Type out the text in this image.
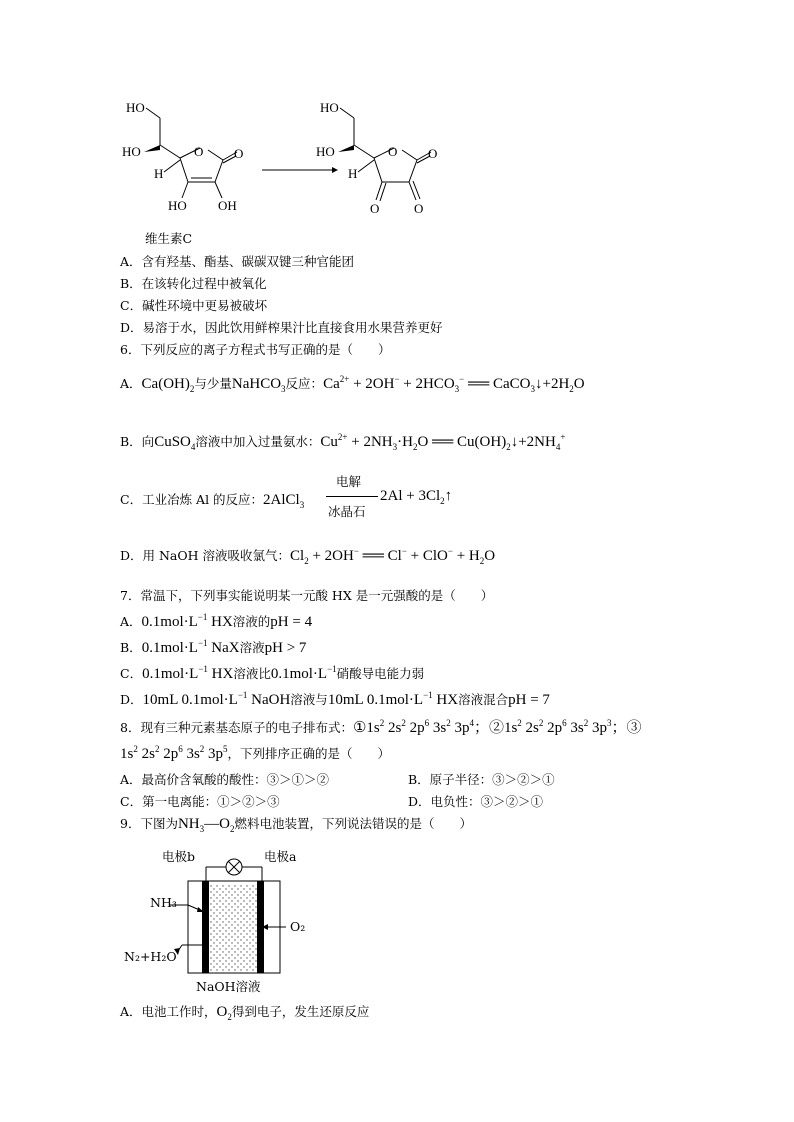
HO
HO	O O
H
HO OH
HO
HO	O O
H
O	O
维生素C
A．含有羟基、酯基、碳碳双键三种官能团
B．在该转化过程中被氧化
C．碱性环境中更易被破坏
D．易溶于水，因此饮用鲜榨果汁比直接食用水果营养更好
6．下列反应的离子方程式书写正确的是（　　）
A．$Ca(OH)_2$与少量NaHCO$_3$反应：$Ca^{2+} + 2OH^- + 2HCO_3^-$ ══ $CaCO_3↓+2H_2O$
B．向CuSO$_4$溶液中加入过量氨水：$Cu^{2+} + 2NH_3\cdot H_2O$ ══ $Cu(OH)_2↓+2NH_4^+$
C．工业冶炼 Al 的反应：2AlCl$_3$
电解
冰晶石
$2Al + 3Cl_2↑$
D．用 NaOH 溶液吸收氯气：$Cl_2 + 2OH^-$ ══ $Cl^- + ClO^- + H_2O$
7．常温下，下列事实能说明某一元酸 HX 是一元强酸的是（　　）
A．$0.1mol\cdot L^{-1}$ HX溶液的pH = 4
B．$0.1mol\cdot L^{-1}$ NaX溶液pH > 7
C．$0.1mol\cdot L^{-1}$ HX溶液比$0.1mol\cdot L^{-1}$硝酸导电能力弱
D．10mL $0.1mol\cdot L^{-1}$ NaOH溶液与10mL $0.1mol\cdot L^{-1}$ HX溶液混合pH = 7
8．现有三种元素基态原子的电子排布式：$①1s^2$ $2s^2$ $2p^6$ $3s^2$ $3p^4$；$②1s^2$ $2s^2$ $2p^6$ $3s^2$ $3p^3$；③
$1s^2$ $2s^2$ $2p^6$ $3s^2$ $3p^5$，下列排序正确的是（　　）
A．最高价含氧酸的酸性：③＞①＞②	B．原子半径：③＞②＞①
C．第一电离能：①＞②＞③	D．电负性：③＞②＞①
9．下图为$NH_3—O_2$燃料电池装置，下列说法错误的是（　　）
电极b	电极a
NH₃
O₂
N₂+H₂O
NaOH溶液
A．电池工作时，$O_2$得到电子，发生还原反应
